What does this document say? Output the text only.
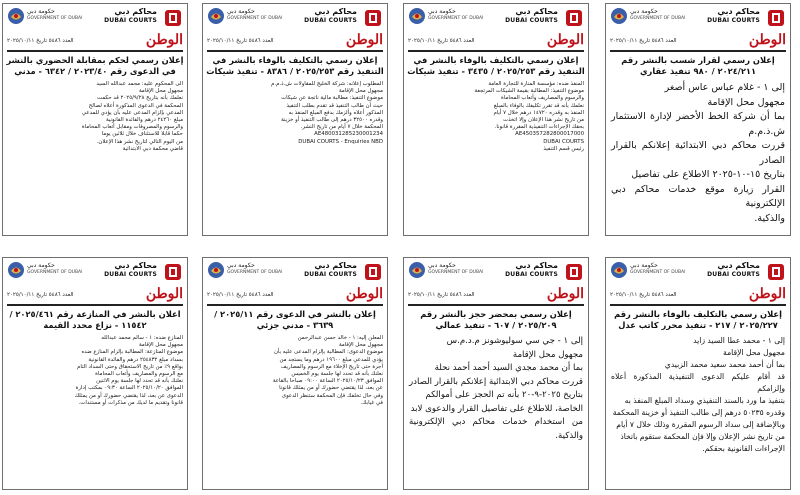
محاكم دبي
DUBAI COURTS
حكومة دبي
GOVERNMENT OF DUBAI
الوطن
العدد ٥٤٨٦ تاريخ ٢٠٢٥/١٠/١١
إعلان رسمي لقرار شسب بالنشر رقم ٢٠٢٤/٢١١ / ٩٨٠ تنفيذ عقاري
إلى ١ - غلام عباس عاس أصغر
مجهول محل الإقامة
بما أن شركة الخط الأخضر لإدارة الاستثمار ش.ذ.م.م
قررت محاكم دبي الابتدائية إعلانكم بالقرار الصادر
بتاريخ ١٥-١٠-٢٠٢٥ الاطلاع على تفاصيل
القرار زيارة موقع خدمات محاكم دبي الإلكترونية
والذكية.
محاكم دبي
DUBAI COURTS
حكومة دبي
GOVERNMENT OF DUBAI
الوطن
العدد ٥٤٨٦ تاريخ ٢٠٢٥/١٠/١١
إعلان رسمي بالتكليف بالوفاء بالنشر في التنفيذ رقم ٢٠٢٥/٢٥٣ / ٣٤٣٥ - تنفيذ شيكات
المنفذ ضده: مؤسسة المنارة للتجارة العامة
موضوع التنفيذ: المطالبة بقيمة الشيكات المرتجعة
والرسوم والمصاريف وأتعاب المحاماة
نعلمك بأنه قد تقرر تكليفك بالوفاء بالمبلغ
المنفذ به وقدره ١٤٧٢٠ درهم خلال ٧ أيام
من تاريخ نشر هذا الإعلان وإلا اتخذت
بحقك الإجراءات التنفيذية المقررة قانونا.
AE450357282800017000
DUBAI COURTS
رئيس قسم التنفيذ
محاكم دبي
DUBAI COURTS
حكومة دبي
GOVERNMENT OF DUBAI
الوطن
العدد ٥٤٨٦ تاريخ ٢٠٢٥/١٠/١١
إعلان رسمي بالتكليف بالوفاء بالنشر في التنفيذ رقم ٢٠٢٥/٢٥٣ / ٨٣٨٦ - تنفيذ شيكات
المطلوب إعلانه: شركة الخليج للمقاولات ش.ذ.م.م
مجهول محل الإقامة
موضوع التنفيذ: مطالبة مالية ناتجة عن شيكات
حيث أن طالب التنفيذ قد تقدم بطلب التنفيذ
المذكور أعلاه وألزمك بدفع المبلغ المنفذ به
وقدره ٣٢٥٠٠ درهم إلى طالب التنفيذ أو خزينة
المحكمة خلال ٧ أيام من تاريخ النشر.
AE480031285230001234
DUBAI COURTS - Enquiries NBD
محاكم دبي
DUBAI COURTS
حكومة دبي
GOVERNMENT OF DUBAI
الوطن
العدد ٥٤٨٦ تاريخ ٢٠٢٥/١٠/١١
إعلان رسمي لحكم بمقابلة الحضوري بالنشر في الدعوى رقم ٢٠٢٣/٤٠ / ٦٣٤٢ - مدني
الى المحكوم عليه: محمد عبدالله السيد
مجهول محل الإقامة
نعلمك بأنه بتاريخ ٢٠٢٥/٩/٢٨ قد حكمت
المحكمة في الدعوى المذكورة أعلاه لصالح
المدعي بإلزام المدعى عليه بأن يؤدي للمدعي
مبلغ ٢٤٢٦٠ درهم والفائدة القانونية
والرسوم والمصروفات ومقابل أتعاب المحاماة
حكما قابلا للاستئناف خلال ثلاثين يوما
من اليوم التالي لتاريخ نشر هذا الإعلان.
قاضي محكمة دبي الابتدائية
محاكم دبي
DUBAI COURTS
حكومة دبي
GOVERNMENT OF DUBAI
الوطن
العدد ٥٤٨٦ تاريخ ٢٠٢٥/١٠/١١
إعلان رسمي بالتكليف بالوفاء بالنشر رقم ٢٠٢٥/٢٢٧ / ٢١٧ - تنفيذ محرر كاتب عدل
إلى ١ - محمد عطا السيد زايد
مجهول محل الإقامة
بما أن أحمد محمد سعيد محمد الزبيدي
قد أقام عليكم الدعوى التنفيذية المذكورة أعلاه وإلزامكم
بتنفيذ ما ورد بالسند التنفيذي وسداد المبلغ المنفذ به
وقدره ٥٠٢٣٥ درهم إلى طالب التنفيذ أو خزينة المحكمة
وبالإضافة إلى سداد الرسوم المقررة وذلك خلال ٧ أيام
من تاريخ نشر الإعلان وإلا فإن المحكمة ستقوم باتخاذ
الإجراءات القانونية بحقكم.
محاكم دبي
DUBAI COURTS
حكومة دبي
GOVERNMENT OF DUBAI
الوطن
العدد ٥٤٨٦ تاريخ ٢٠٢٥/١٠/١١
إعلان رسمي بمحضر حجز بالنشر رقم ٢٠٢٥/٢٠٩ / ٦٠٧ - تنفيذ عمالي
إلى ١ - جي سي سوليوشونز م.د.م.س
مجهول محل الإقامة
بما أن محمد مجدي السيد أحمد أحمد نحلة
قررت محاكم دبي الابتدائية إعلانكم بالقرار الصادر
بتاريخ ٢٠٢٥-٩-٢٠ بأنه تم الحجز على أموالكم
الخاصة، للاطلاع على تفاصيل القرار والدعوى لابد
من استخدام خدمات محاكم دبي الإلكترونية والذكية.
محاكم دبي
DUBAI COURTS
حكومة دبي
GOVERNMENT OF DUBAI
الوطن
العدد ٥٤٨٦ تاريخ ٢٠٢٥/١٠/١١
إعلان بالنشر في الدعوى رقم ٢٠٢٥/١١ / ٣٦٣٩ - مدني جزئي
المعلن إليه: ١ - خالد حسن عبدالرحمن
مجهول محل الإقامة
موضوع الدعوى: المطالبة بإلزام المدعى عليه بأن
يؤدي للمدعي مبلغ ١٩٦٠٠ درهم وما يستجد من
أجرة حتى تاريخ الإخلاء مع الرسوم والمصاريف
نعلنك بأنه قد تحدد لها جلسة يوم الخميس
الموافق ٢٠٢٥/١٠/٢٣ الساعة ٠٩:٠٠ صباحا بالقاعة
عن بعد، لذا يقتضي حضورك أو من يمثلك قانونا
وفي حال تخلفك فإن المحكمة ستنظر الدعوى
في غيابك.
محاكم دبي
DUBAI COURTS
حكومة دبي
GOVERNMENT OF DUBAI
الوطن
العدد ٥٤٨٦ تاريخ ٢٠٢٥/١٠/١١
اعلان بالنشر في المنازعة رقم ٢٠٢٥/٤٦١ / ١١٥٤٢ - نزاع محدد القيمة
المنازع ضده: ١ - سالم محمد عبدالله
مجهول محل الإقامة
موضوع المنازعة: المطالبة بإلزام المنازع ضده
بسداد مبلغ ٢٥٤٨٣٢ درهم والفائدة القانونية
بواقع ٩٪ من تاريخ الاستحقاق وحتى السداد التام
مع الرسوم والمصاريف وأتعاب المحاماة
نعلنك بأنه قد تحدد لها جلسة يوم الاثنين
الموافق ٢٠٢٥/١٠/٢٠ الساعة ٠٩:٣٠ بمكتب إدارة
الدعوى عن بعد، لذا يقتضي حضورك أو من يمثلك
قانونا وتقديم ما لديك من مذكرات أو مستندات.
